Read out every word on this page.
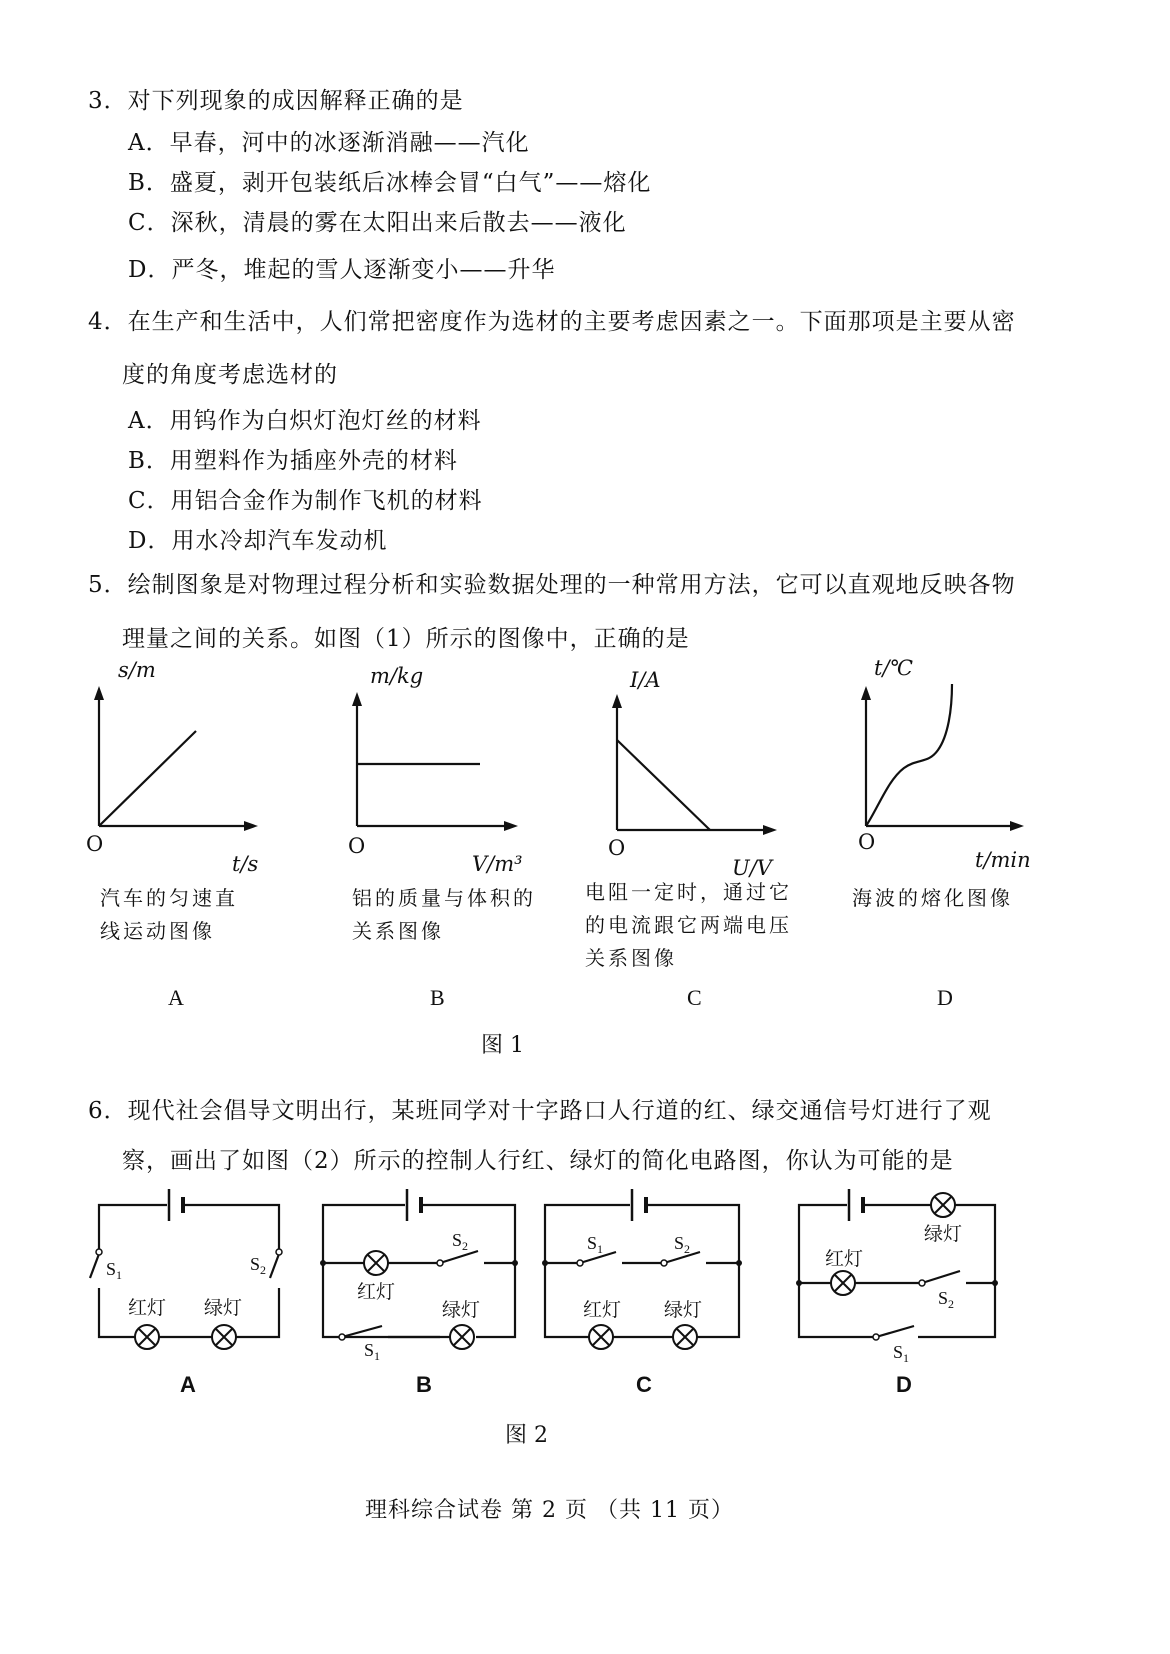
3．对下列现象的成因解释正确的是
A．早春，河中的冰逐渐消融——汽化
B．盛夏，剥开包装纸后冰棒会冒“白气”——熔化
C．深秋，清晨的雾在太阳出来后散去——液化
D．严冬，堆起的雪人逐渐变小——升华
4．在生产和生活中，人们常把密度作为选材的主要考虑因素之一。下面那项是主要从密
度的角度考虑选材的
A．用钨作为白炽灯泡灯丝的材料
B．用塑料作为插座外壳的材料
C．用铝合金作为制作飞机的材料
D．用水冷却汽车发动机
5．绘制图象是对物理过程分析和实验数据处理的一种常用方法，它可以直观地反映各物
理量之间的关系。如图（1）所示的图像中，正确的是
s/m
O
t/s
m/kg
O
V/m³
I/A
O
U/V
t/℃
O
t/min
汽车的匀速直
线运动图像
铝的质量与体积的
关系图像
电阻一定时，通过它
的电流跟它两端电压
关系图像
海波的熔化图像
A	B	C	D
图 1
6．现代社会倡导文明出行，某班同学对十字路口人行道的红、绿交通信号灯进行了观
察，画出了如图（2）所示的控制人行红、绿灯的简化电路图，你认为可能的是
红灯 绿灯
$S_1$
$S_2$
红灯
绿灯
$S_2$
$S_1$
红灯 绿灯
$S_1$	$S_2$
绿灯
红灯
$S_2$
$S_1$
A	B	C	D
图 2
理科综合试卷 第 2 页 （共 11 页）
